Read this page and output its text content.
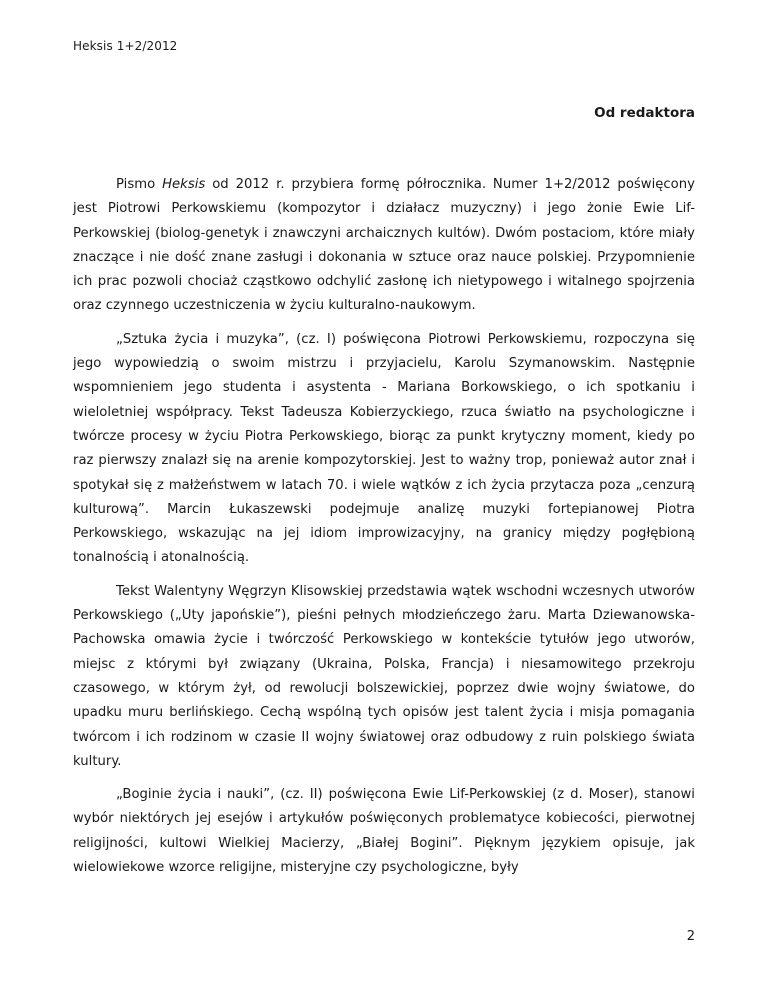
Heksis 1+2/2012
Od redaktora

Pismo Heksis od 2012 r. przybiera formę półrocznika. Numer 1+2/2012 poświęcony jest Piotrowi Perkowskiemu (kompozytor i działacz muzyczny) i jego żonie Ewie Lif-Perkowskiej (biolog-genetyk i znawczyni archaicznych kultów). Dwóm postaciom, które miały znaczące i nie dość znane zasługi i dokonania w sztuce oraz nauce polskiej. Przypomnienie ich prac pozwoli chociaż cząstkowo odchylić zasłonę ich nietypowego i witalnego spojrzenia oraz czynnego uczestniczenia w życiu kulturalno-naukowym.

„Sztuka życia i muzyka”, (cz. I) poświęcona Piotrowi Perkowskiemu, rozpoczyna się jego wypowiedzią o swoim mistrzu i przyjacielu, Karolu Szymanowskim. Następnie wspomnieniem jego studenta i asystenta - Mariana Borkowskiego, o ich spotkaniu i wieloletniej współpracy. Tekst Tadeusza Kobierzyckiego, rzuca światło na psychologiczne i twórcze procesy w życiu Piotra Perkowskiego, biorąc za punkt krytyczny moment, kiedy po raz pierwszy znalazł się na arenie kompozytorskiej. Jest to ważny trop, ponieważ autor znał i spotykał się z małżeństwem w latach 70. i wiele wątków z ich życia przytacza poza „cenzurą kulturową”. Marcin Łukaszewski podejmuje analizę muzyki fortepianowej Piotra Perkowskiego, wskazując na jej idiom improwizacyjny, na granicy między pogłębioną tonalnością i atonalnością.

Tekst Walentyny Węgrzyn Klisowskiej przedstawia wątek wschodni wczesnych utworów Perkowskiego („Uty japońskie”), pieśni pełnych młodzieńczego żaru. Marta Dziewanowska-Pachowska omawia życie i twórczość Perkowskiego w kontekście tytułów jego utworów, miejsc z którymi był związany (Ukraina, Polska, Francja) i niesamowitego przekroju czasowego, w którym żył, od rewolucji bolszewickiej, poprzez dwie wojny światowe, do upadku muru berlińskiego. Cechą wspólną tych opisów jest talent życia i misja pomagania twórcom i ich rodzinom w czasie II wojny światowej oraz odbudowy z ruin polskiego świata kultury.

„Boginie życia i nauki”, (cz. II) poświęcona Ewie Lif-Perkowskiej (z d. Moser), stanowi wybór niektórych jej esejów i artykułów poświęconych problematyce kobiecości, pierwotnej religijności, kultowi Wielkiej Macierzy, „Białej Bogini”. Pięknym językiem opisuje, jak wielowiekowe wzorce religijne, misteryjne czy psychologiczne, były

2
